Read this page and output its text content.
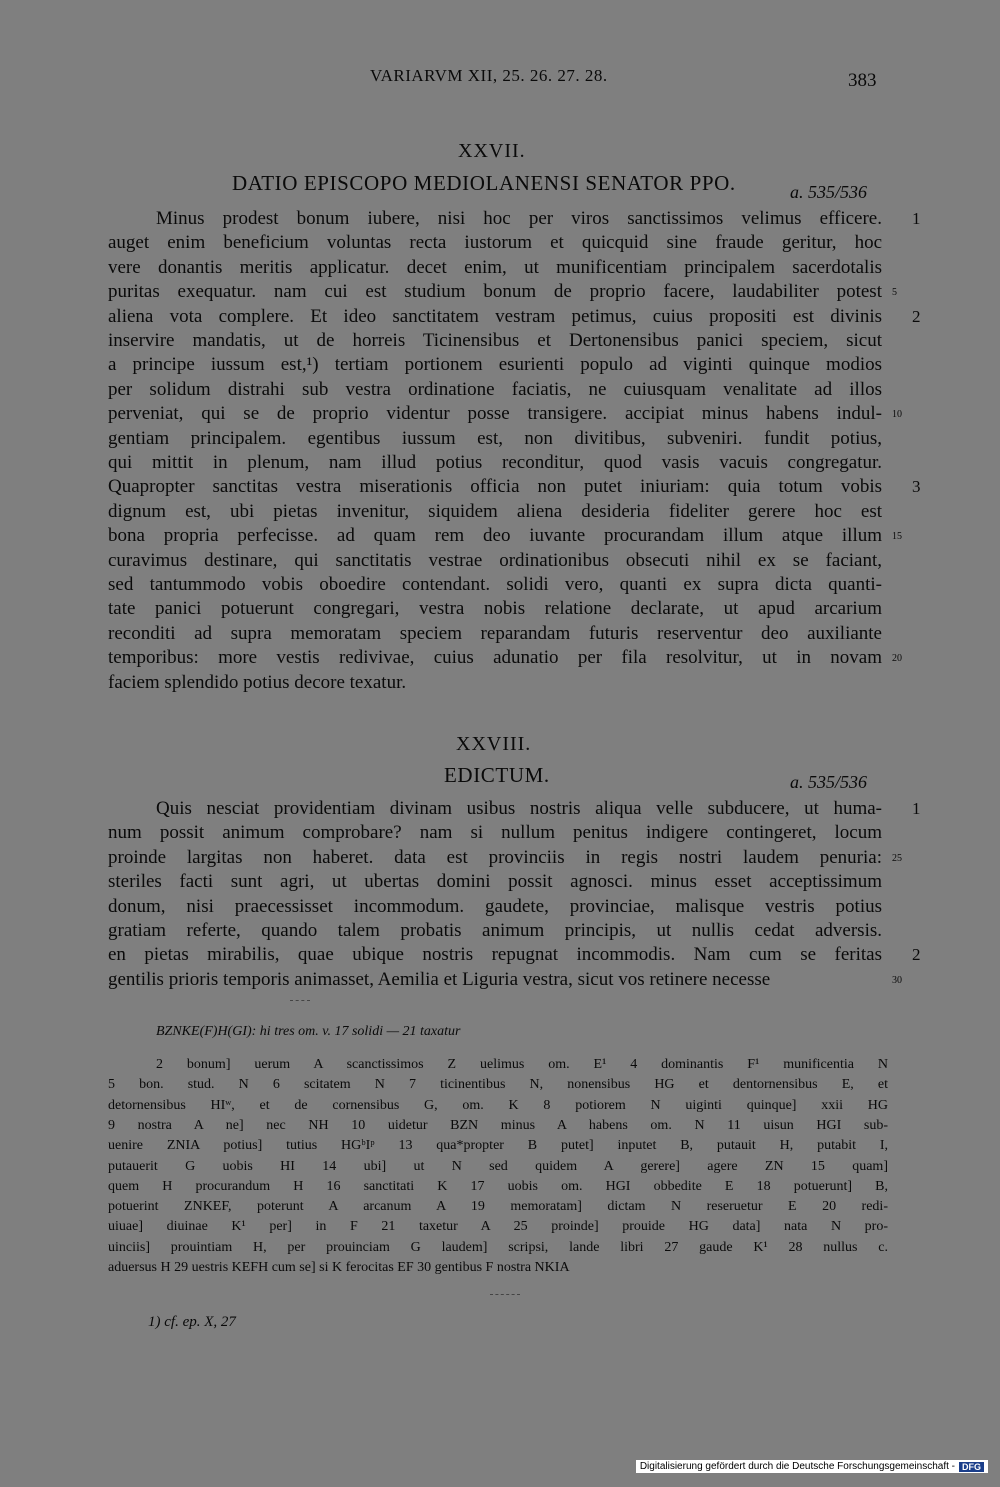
VARIARVM XII, 25. 26. 27. 28.	383
XXVII.
DATIO EPISCOPO MEDIOLANENSI SENATOR PPO.	a. 535/536
Minus prodest bonum iubere, nisi hoc per viros sanctissimos velimus efficere.
auget enim beneficium voluntas recta iustorum et quicquid sine fraude geritur, hoc
vere donantis meritis applicatur. decet enim, ut munificentiam principalem sacerdotalis
puritas exequatur. nam cui est studium bonum de proprio facere, laudabiliter potest
aliena vota complere. Et ideo sanctitatem vestram petimus, cuius propositi est divinis
inservire mandatis, ut de horreis Ticinensibus et Dertonensibus panici speciem, sicut
a principe iussum est,¹) tertiam portionem esurienti populo ad viginti quinque modios
per solidum distrahi sub vestra ordinatione faciatis, ne cuiusquam venalitate ad illos
perveniat, qui se de proprio videntur posse transigere. accipiat minus habens indul-
gentiam principalem. egentibus iussum est, non divitibus, subveniri. fundit potius,
qui mittit in plenum, nam illud potius reconditur, quod vasis vacuis congregatur.
Quapropter sanctitas vestra miserationis officia non putet iniuriam: quia totum vobis
dignum est, ubi pietas invenitur, siquidem aliena desideria fideliter gerere hoc est
bona propria perfecisse. ad quam rem deo iuvante procurandam illum atque illum
curavimus destinare, qui sanctitatis vestrae ordinationibus obsecuti nihil ex se faciant,
sed tantummodo vobis oboedire contendant. solidi vero, quanti ex supra dicta quanti-
tate panici potuerunt congregari, vestra nobis relatione declarate, ut apud arcarium
reconditi ad supra memoratam speciem reparandam futuris reserventur deo auxiliante
temporibus: more vestis redivivae, cuius adunatio per fila resolvitur, ut in novam
faciem splendido potius decore texatur.
1
5
2
10
3
15
20
XXVIII.
EDICTUM.	a. 535/536
Quis nesciat providentiam divinam usibus nostris aliqua velle subducere, ut huma-
num possit animum comprobare? nam si nullum penitus indigere contingeret, locum
proinde largitas non haberet. data est provinciis in regis nostri laudem penuria:
steriles facti sunt agri, ut ubertas domini possit agnosci. minus esset acceptissimum
donum, nisi praecessisset incommodum. gaudete, provinciae, malisque vestris potius
gratiam referte, quando talem probatis animum principis, ut nullis cedat adversis.
en pietas mirabilis, quae ubique nostris repugnat incommodis. Nam cum se feritas
gentilis prioris temporis animasset, Aemilia et Liguria vestra, sicut vos retinere necesse
1
25
2
30
BZNKE(F)H(GI): hi tres om. v. 17 solidi — 21 taxatur
2 bonum] uerum A scanctissimos Z uelimus om. E¹ 4 dominantis F¹ munificentia N
5 bon. stud. N 6 scitatem N 7 ticinentibus N, nonensibus HG et dentornensibus E, et
detornensibus HIʷ, et de cornensibus G, om. K 8 potiorem N uiginti quinque] xxii HG
9 nostra A ne] nec NH 10 uidetur BZN minus A habens om. N 11 uisun HGI sub-
uenire ZNIA potius] tutius HGᵇIᵖ 13 qua*propter B putet] inputet B, putauit H, putabit I,
putauerit G uobis HI 14 ubi] ut N sed quidem A gerere] agere ZN 15 quam]
quem H procurandum H 16 sanctitati K 17 uobis om. HGI obbedite E 18 potuerunt] B,
potuerint ZNKEF, poterunt A arcanum A 19 memoratam] dictam N reseruetur E 20 redi-
uiuae] diuinae K¹ per] in F 21 taxetur A 25 proinde] prouide HG data] nata N pro-
uinciis] prouintiam H, per prouinciam G laudem] scripsi, lande libri 27 gaude K¹ 28 nullus c.
aduersus H 29 uestris KEFH cum se] si K ferocitas EF 30 gentibus F nostra NKIA
1) cf. ep. X, 27
Digitalisierung gefördert durch die Deutsche Forschungsgemeinschaft - DFG
